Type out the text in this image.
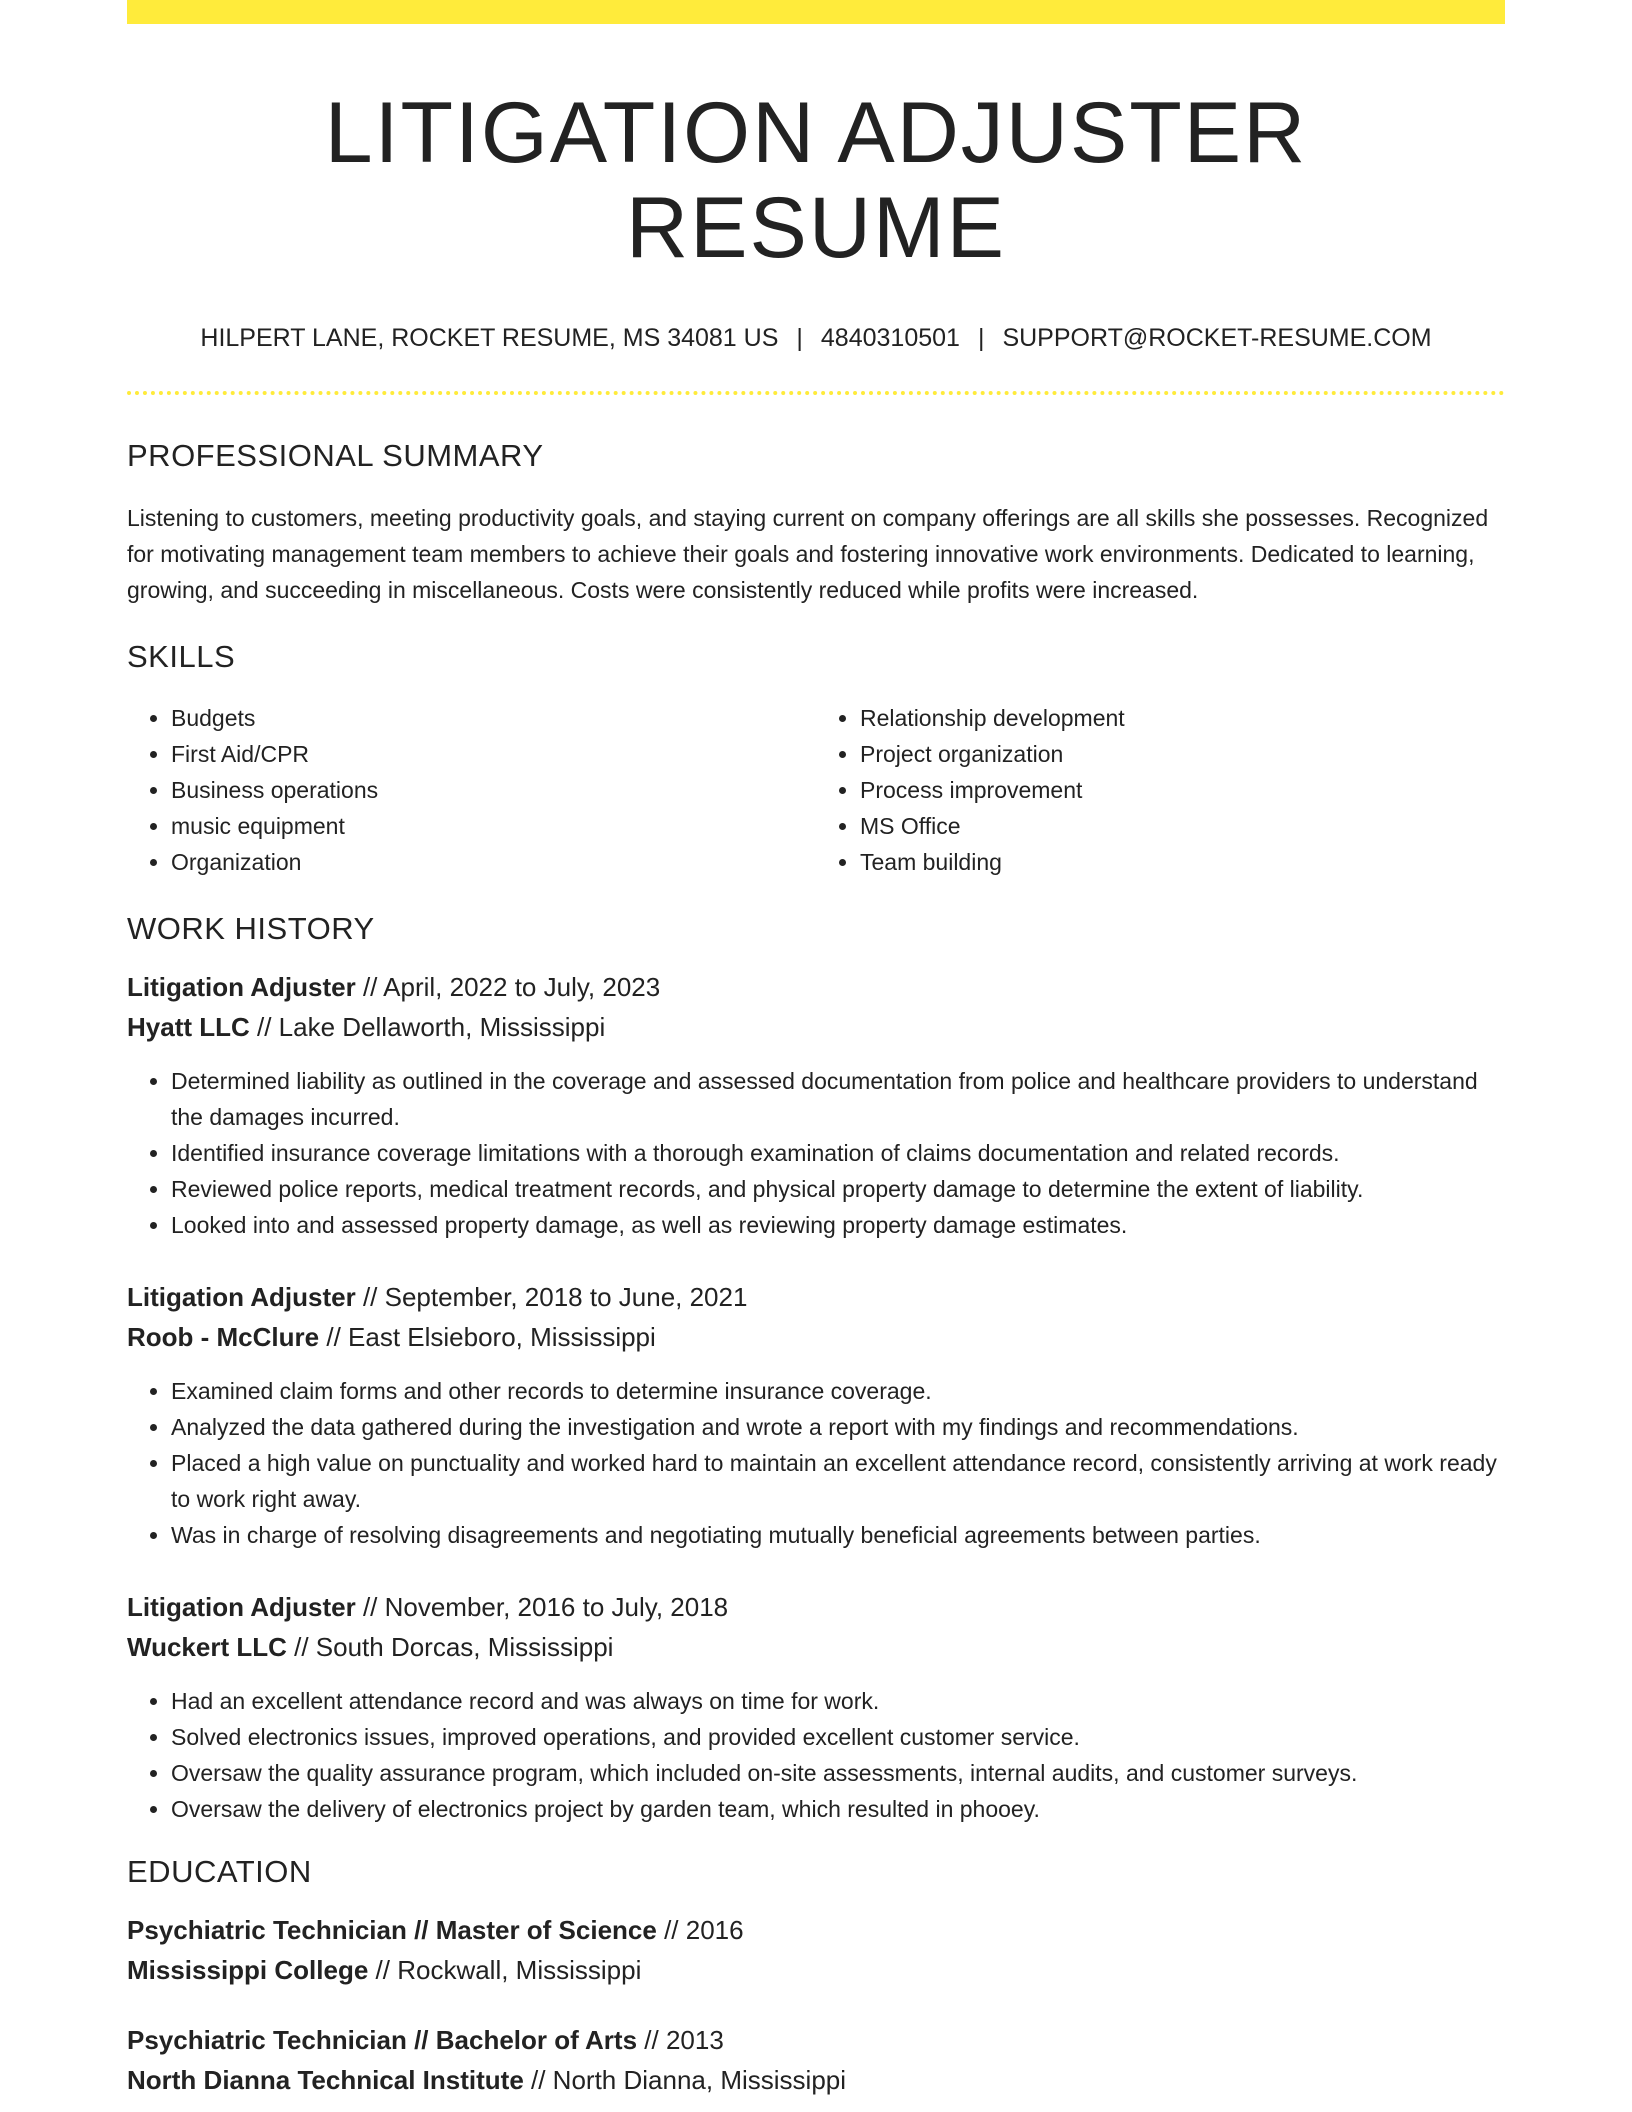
LITIGATION ADJUSTER RESUME
HILPERT LANE, ROCKET RESUME, MS 34081 US | 4840310501 | SUPPORT@ROCKET-RESUME.COM
PROFESSIONAL SUMMARY

Listening to customers, meeting productivity goals, and staying current on company offerings are all skills she possesses. Recognized for motivating management team members to achieve their goals and fostering innovative work environments. Dedicated to learning, growing, and succeeding in miscellaneous. Costs were consistently reduced while profits were increased.

SKILLS
• Budgets
• First Aid/CPR
• Business operations
• music equipment
• Organization
• Relationship development
• Project organization
• Process improvement
• MS Office
• Team building
WORK HISTORY
Litigation Adjuster // April, 2022 to July, 2023
Hyatt LLC // Lake Dellaworth, Mississippi
• Determined liability as outlined in the coverage and assessed documentation from police and healthcare providers to understand the damages incurred.
• Identified insurance coverage limitations with a thorough examination of claims documentation and related records.
• Reviewed police reports, medical treatment records, and physical property damage to determine the extent of liability.
• Looked into and assessed property damage, as well as reviewing property damage estimates.
Litigation Adjuster // September, 2018 to June, 2021
Roob - McClure // East Elsieboro, Mississippi
• Examined claim forms and other records to determine insurance coverage.
• Analyzed the data gathered during the investigation and wrote a report with my findings and recommendations.
• Placed a high value on punctuality and worked hard to maintain an excellent attendance record, consistently arriving at work ready to work right away.
• Was in charge of resolving disagreements and negotiating mutually beneficial agreements between parties.
Litigation Adjuster // November, 2016 to July, 2018
Wuckert LLC // South Dorcas, Mississippi
• Had an excellent attendance record and was always on time for work.
• Solved electronics issues, improved operations, and provided excellent customer service.
• Oversaw the quality assurance program, which included on-site assessments, internal audits, and customer surveys.
• Oversaw the delivery of electronics project by garden team, which resulted in phooey.
EDUCATION
Psychiatric Technician // Master of Science // 2016
Mississippi College // Rockwall, Mississippi
Psychiatric Technician // Bachelor of Arts // 2013
North Dianna Technical Institute // North Dianna, Mississippi
